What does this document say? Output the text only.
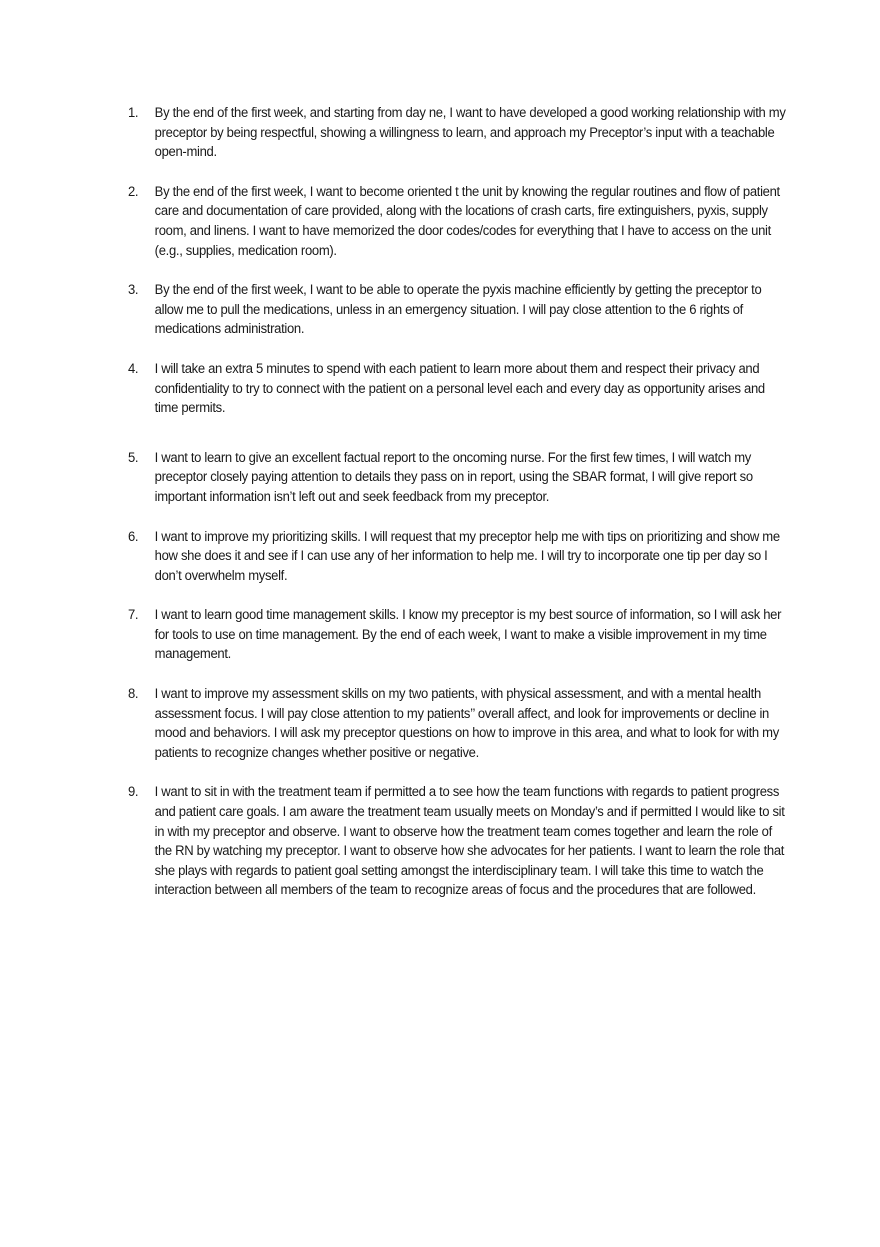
1.	By the end of the first week, and starting from day ne, I want to have developed a good working relationship with my preceptor by being respectful, showing a willingness to learn, and approach my Preceptor’s input with a teachable open-mind.
2.	By the end of the first week, I want to become oriented t the unit by knowing the regular routines and flow of patient care and documentation of care provided, along with the locations of crash carts, fire extinguishers, pyxis, supply room, and linens. I want to have memorized the door codes/codes for everything that I have to access on the unit (e.g., supplies, medication room).
3.	By the end of the first week, I want to be able to operate the pyxis machine efficiently by getting the preceptor to allow me to pull the medications, unless in an emergency situation. I will pay close attention to the 6 rights of medications administration.
4.	I will take an extra 5 minutes to spend with each patient to learn more about them and respect their privacy and confidentiality to try to connect with the patient on a personal level each and every day as opportunity arises and time permits.
5.	I want to learn to give an excellent factual report to the oncoming nurse. For the first few times, I will watch my preceptor closely paying attention to details they pass on in report, using the SBAR format, I will give report so important information isn’t left out and seek feedback from my preceptor.
6.	I want to improve my prioritizing skills. I will request that my preceptor help me with tips on prioritizing and show me how she does it and see if I can use any of her information to help me. I will try to incorporate one tip per day so I don’t overwhelm myself.
7.	I want to learn good time management skills. I know my preceptor is my best source of information, so I will ask her for tools to use on time management. By the end of each week, I want to make a visible improvement in my time management.
8.	I want to improve my assessment skills on my two patients, with physical assessment, and with a mental health assessment focus. I will pay close attention to my patients’’ overall affect, and look for improvements or decline in mood and behaviors. I will ask my preceptor questions on how to improve in this area, and what to look for with my patients to recognize changes whether positive or negative.
9.	I want to sit in with the treatment team if permitted a to see how the team functions with regards to patient progress and patient care goals. I am aware the treatment team usually meets on Monday’s and if permitted I would like to sit in with my preceptor and observe. I want to observe how the treatment team comes together and learn the role of the RN by watching my preceptor. I want to observe how she advocates for her patients. I want to learn the role that she plays with regards to patient goal setting amongst the interdisciplinary team. I will take this time to watch the interaction between all members of the team to recognize areas of focus and the procedures that are followed.
